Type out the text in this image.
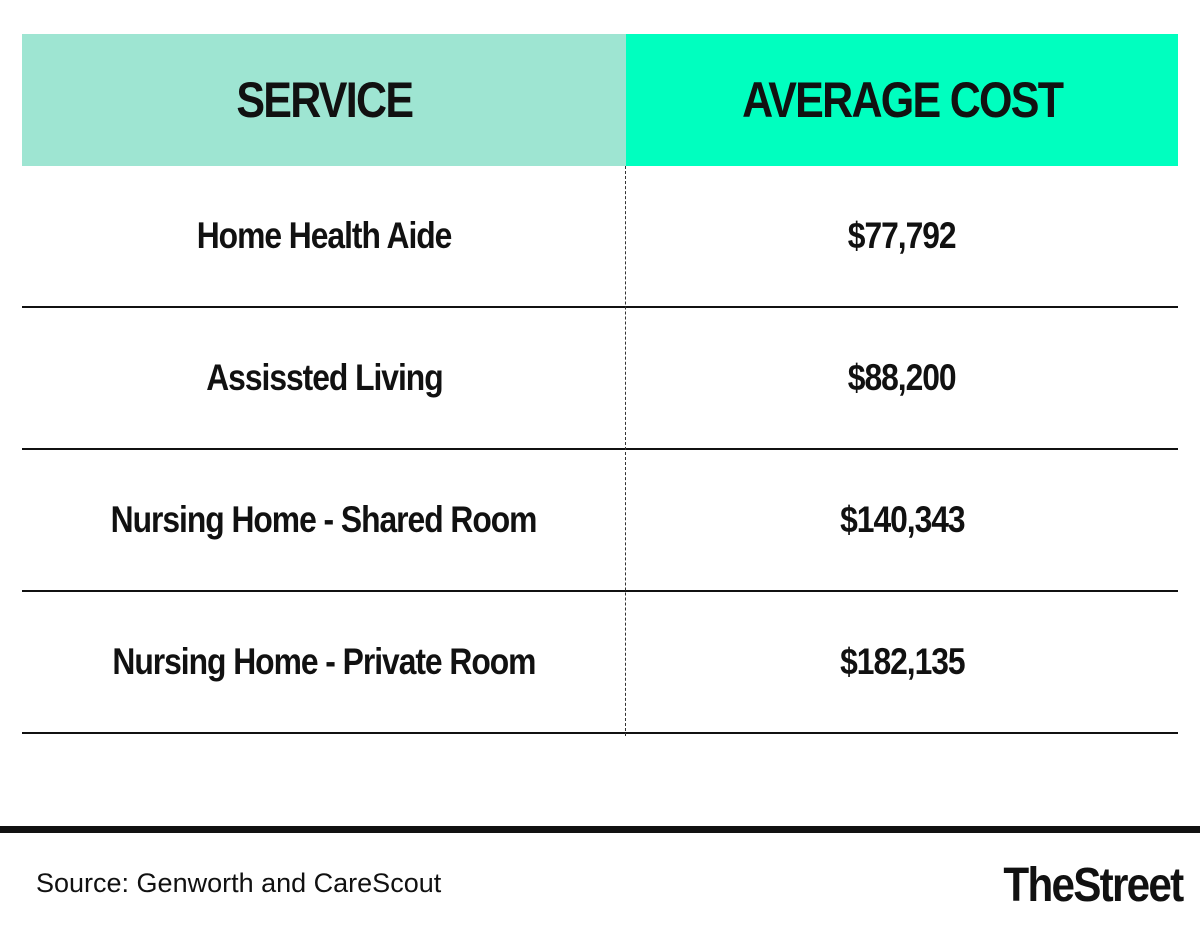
SERVICE	AVERAGE COST
Home Health Aide	$77,792
Assissted Living	$88,200
Nursing Home - Shared Room	$140,343
Nursing Home - Private Room	$182,135
Source: Genworth and CareScout	TheStreet
